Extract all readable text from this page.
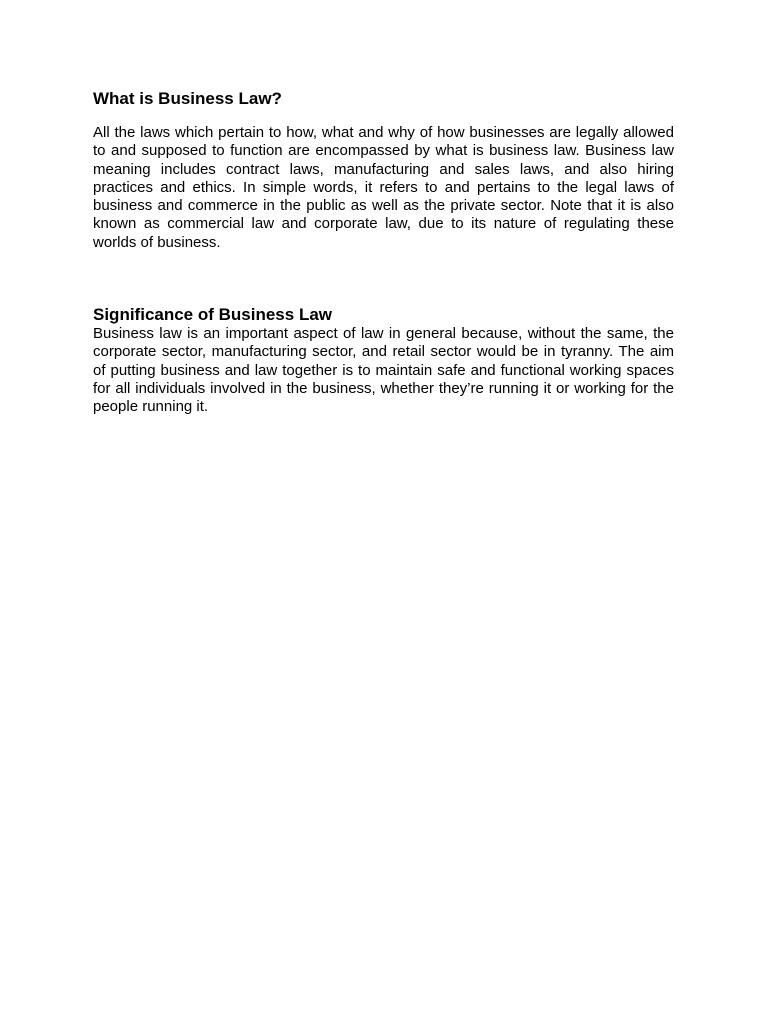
What is Business Law?

All the laws which pertain to how, what and why of how businesses are legally allowed to and supposed to function are encompassed by what is business law. Business law meaning includes contract laws, manufacturing and sales laws, and also hiring practices and ethics. In simple words, it refers to and pertains to the legal laws of business and commerce in the public as well as the private sector. Note that it is also known as commercial law and corporate law, due to its nature of regulating these worlds of business.

Significance of Business Law

Business law is an important aspect of law in general because, without the same, the corporate sector, manufacturing sector, and retail sector would be in tyranny. The aim of putting business and law together is to maintain safe and functional working spaces for all individuals involved in the business, whether they’re running it or working for the people running it.
